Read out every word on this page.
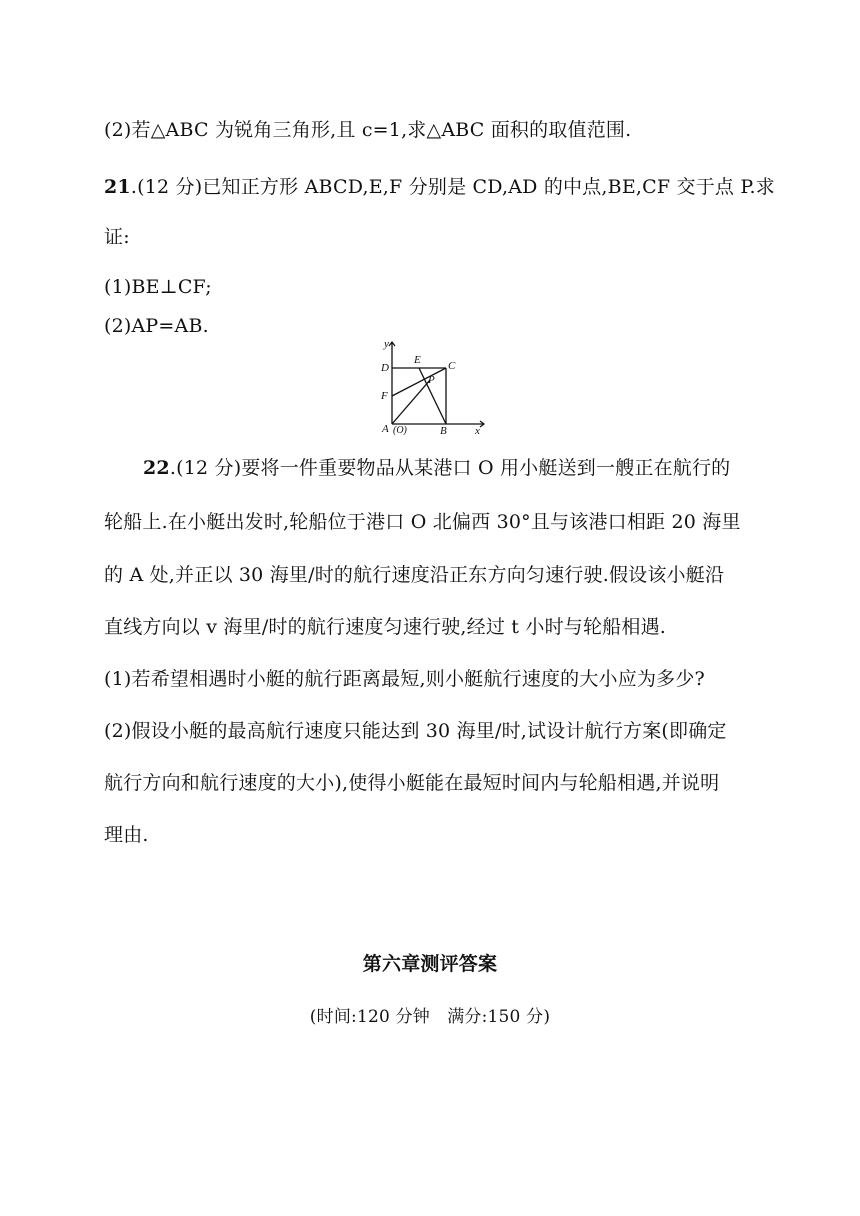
(2)若△ABC 为锐角三角形,且 c=1,求△ABC 面积的取值范围.
21.(12 分)已知正方形 ABCD,E,F 分别是 CD,AD 的中点,BE,CF 交于点 P.求
证:
(1)BE⊥CF;
(2)AP=AB.
y
D
E C
P
F
A (O)	B	x
22.(12 分)要将一件重要物品从某港口 O 用小艇送到一艘正在航行的
轮船上.在小艇出发时,轮船位于港口 O 北偏西 30°且与该港口相距 20 海里
的 A 处,并正以 30 海里/时的航行速度沿正东方向匀速行驶.假设该小艇沿
直线方向以 v 海里/时的航行速度匀速行驶,经过 t 小时与轮船相遇.
(1)若希望相遇时小艇的航行距离最短,则小艇航行速度的大小应为多少?
(2)假设小艇的最高航行速度只能达到 30 海里/时,试设计航行方案(即确定
航行方向和航行速度的大小),使得小艇能在最短时间内与轮船相遇,并说明
理由.
第六章测评答案
(时间:120 分钟　满分:150 分)
